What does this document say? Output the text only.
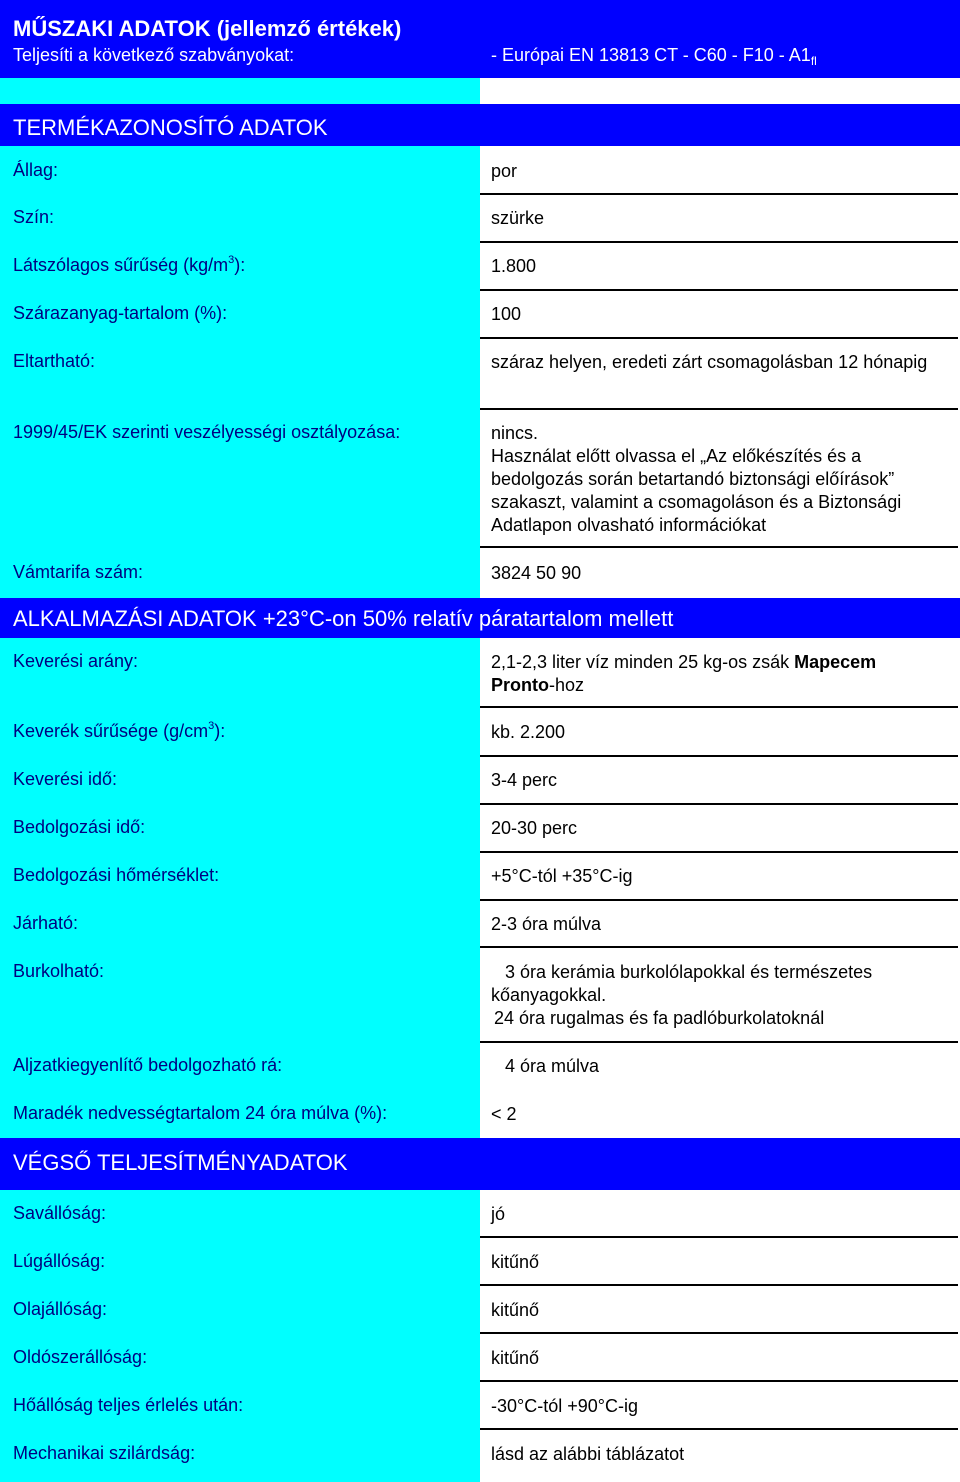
MŰSZAKI ADATOK (jellemző értékek)
Teljesíti a következő szabványokat:	- Európai EN 13813 CT - $C60 - F10 - A1_{fl}$
TERMÉKAZONOSÍTÓ ADATOK
Állag:	por
Szín:	szürke
Látszólagos sűrűség $(kg/m^3)$:	1.800
Szárazanyag-tartalom (%):	100
Eltartható:	száraz helyen, eredeti zárt csomagolásban 12 hónapig
1999/45/EK szerinti veszélyességi osztályozása:	nincs.
Használat előtt olvassa el „Az előkészítés és a bedolgozás során betartandó biztonsági előírások” szakaszt, valamint a csomagoláson és a Biztonsági Adatlapon olvasható információkat
Vámtarifa szám:	3824 50 90
ALKALMAZÁSI ADATOK +23°C-on 50% relatív páratartalom mellett
Keverési arány:	2,1-2,3 liter víz minden 25 kg-os zsák Mapecem
Pronto-hoz
Keverék sűrűsége $(g/cm^3)$:	kb. 2.200
Keverési idő:	3-4 perc
Bedolgozási idő:	20-30 perc
Bedolgozási hőmérséklet:	+5°C-tól +35°C-ig
Járható:	2-3 óra múlva
Burkolható:	3 óra kerámia burkolólapokkal és természetes kőanyagokkal.
24 óra rugalmas és fa padlóburkolatoknál
Aljzatkiegyenlítő bedolgozható rá:	4 óra múlva
Maradék nedvességtartalom 24 óra múlva (%):	< 2
VÉGSŐ TELJESÍTMÉNYADATOK
Savállóság:	jó
Lúgállóság:	kitűnő
Olajállóság:	kitűnő
Oldószerállóság:	kitűnő
Hőállóság teljes érlelés után:	-30°C-tól +90°C-ig
Mechanikai szilárdság:	lásd az alábbi táblázatot
